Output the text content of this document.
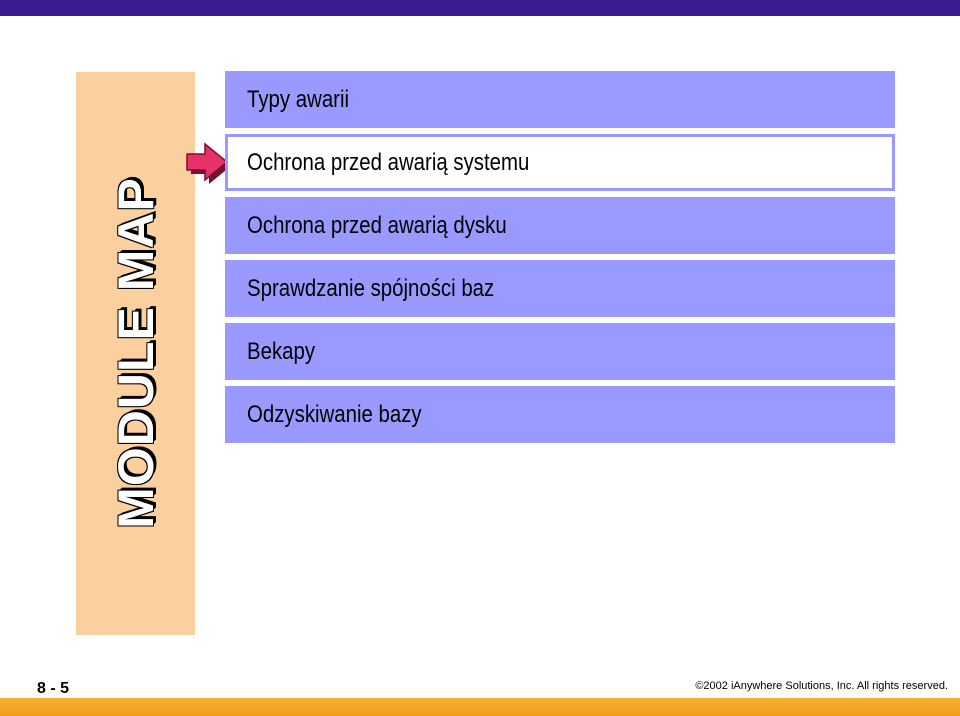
MODULE MAP
Typy awarii
Ochrona przed awarią systemu
Ochrona przed awarią dysku
Sprawdzanie spójności baz
Bekapy
Odzyskiwanie bazy
8 - 5	©2002 iAnywhere Solutions, Inc. All rights reserved.
